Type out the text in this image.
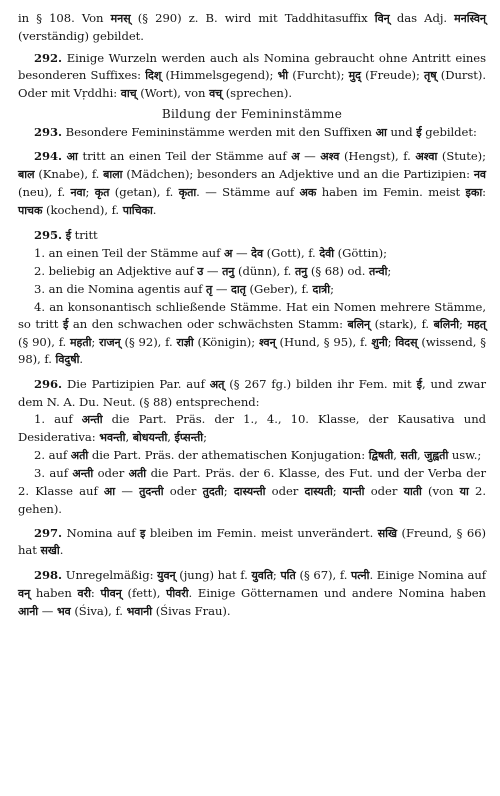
in § 108. Von मनस् (§ 290) z. B. wird mit Taddhitasuffix विन् das Adj. मनस्विन् (verständig) gebildet.

292. Einige Wurzeln werden auch als Nomina gebraucht ohne Antritt eines besonderen Suffixes: दिश् (Himmelsgegend); भी (Furcht); मुद् (Freude); तृष् (Durst). Oder mit Vṛddhi: वाच् (Wort), von वच् (sprechen).

Bildung der Femininstämme

293. Besondere Femininstämme werden mit den Suffixen आ und ई gebildet:

294. आ tritt an einen Teil der Stämme auf अ — अश्व (Hengst), f. अश्वा (Stute); बाल (Knabe), f. बाला (Mädchen); besonders an Adjektive und an die Partizipien: नव (neu), f. नवा; कृत (getan), f. कृता. — Stämme auf अक haben im Femin. meist इका: पाचक (kochend), f. पाचिका.

295. ई tritt

1. an einen Teil der Stämme auf अ — देव (Gott), f. देवी (Göttin);

2. beliebig an Adjektive auf उ — तनु (dünn), f. तनु (§ 68) od. तन्वी;

3. an die Nomina agentis auf तृ — दातृ (Geber), f. दात्री;

4. an konsonantisch schließende Stämme. Hat ein Nomen mehrere Stämme, so tritt ई an den schwachen oder schwächsten Stamm: बलिन् (stark), f. बलिनी; महत् (§ 90), f. महती; राजन् (§ 92), f. राज्ञी (Königin); श्वन् (Hund, § 95), f. शुनी; विदस् (wissend, § 98), f. विदुषी.

296. Die Partizipien Par. auf अत् (§ 267 fg.) bilden ihr Fem. mit ई, und zwar dem N. A. Du. Neut. (§ 88) entsprechend:

1. auf अन्ती die Part. Präs. der 1., 4., 10. Klasse, der Kausativa und Desiderativa: भवन्ती, बोधयन्ती, ईप्सन्ती;

2. auf अती die Part. Präs. der athematischen Konjugation: द्विषती, सती, जुह्वती usw.;

3. auf अन्ती oder अती die Part. Präs. der 6. Klasse, des Fut. und der Verba der 2. Klasse auf आ — तुदन्ती oder तुदती; दास्यन्ती oder दास्यती; यान्ती oder याती (von या 2. gehen).

297. Nomina auf इ bleiben im Femin. meist unverändert. सखि (Freund, § 66) hat सखी.

298. Unregelmäßig: युवन् (jung) hat f. युवति; पति (§ 67), f. पत्नी. Einige Nomina auf वन् haben वरी: पीवन् (fett), पीवरी. Einige Götternamen und andere Nomina haben आनी — भव (Śiva), f. भवानी (Śivas Frau).
